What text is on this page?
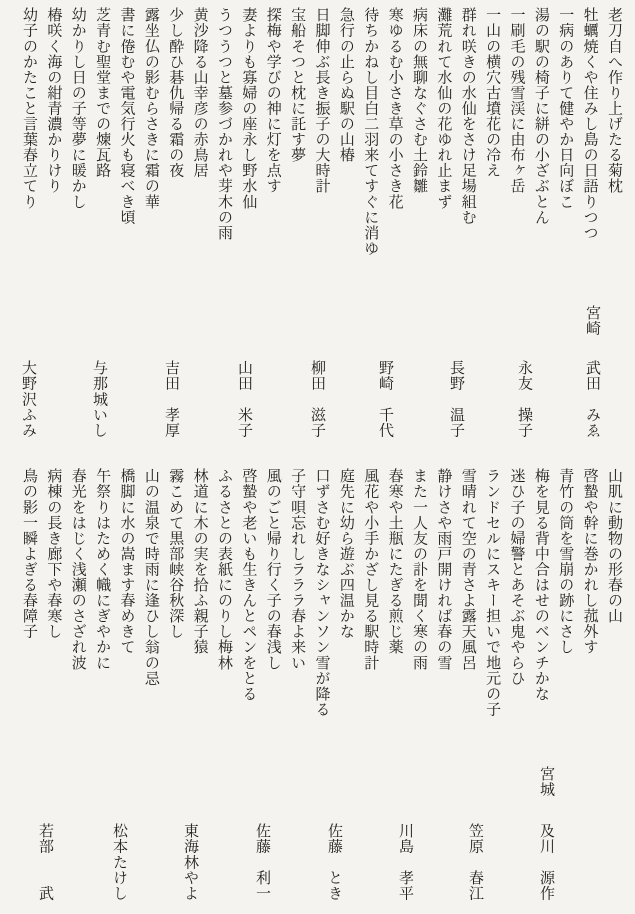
老刀自へ作り上げたる菊枕
牡蠣焼くや住みし島の日語りつつ
一病のありて健やか日向ぼこ
湯の駅の椅子に絣の小ざぶとん
一刷毛の残雪渓に由布ヶ岳
一山の横穴古墳花の冷え
群れ咲きの水仙をさけ足場組む
灘荒れて水仙の花ゆれ止まず
病床の無聊なぐさむ土鈴雛
寒ゆるむ小さき草の小さき花
待ちかねし目白二羽来てすぐに消ゆ
急行の止らぬ駅の山椿
日脚伸ぶ長き振子の大時計
宝船そつと枕に託す夢
探梅や学びの神に灯を点す
妻よりも寡婦の座永し野水仙
うつうつと墓参づかれや芽木の雨
黄沙降る山幸彦の赤鳥居
少し酔ひ碁仇帰る霜の夜
露坐仏の影むらさきに霜の華
書に倦むや電気行火も寝べき頃
芝青む聖堂までの煉瓦路
幼かりし日の子等夢に暖かし
椿咲く海の紺青濃かりけり
幼子のかたこと言葉春立てり
宮崎
武田　みゑ
永友　操子
長野　温子
野崎　千代
柳田　滋子
山田　米子
吉田　孝厚
与那城いし
大野沢ふみ
山肌に動物の形春の山
啓蟄や幹に巻かれし菰外す
青竹の筒を雪崩の跡にさし
梅を見る背中合はせのベンチかな
迷ひ子の婦警とあそぶ鬼やらひ
ランドセルにスキー担いで地元の子
雪晴れて空の青さよ露天風呂
静けさや雨戸開ければ春の雪
また一人友の訃を聞く寒の雨
春寒や土瓶にたぎる煎じ薬
風花や小手かざし見る駅時計
庭先に幼ら遊ぶ四温かな
口ずさむ好きなシャンソン雪が降る
子守唄忘れしラララ春よ来い
風のごと帰り行く子の春浅し
啓蟄や老いも生きんとペンをとる
ふるさとの表紙にのりし梅林
林道に木の実を拾ふ親子猿
霧こめて黒部峡谷秋深し
山の温泉で時雨に逢ひし翁の忌
橋脚に水の嵩ます春めきて
午祭りはためく幟にぎやかに
春光をはじく浅瀬のさざれ波
病棟の長き廊下や春寒し
鳥の影一瞬よぎる春障子
宮城
及川　源作
笠原　春江
川島　孝平
佐藤　とき
佐藤　利一
東海林やよ
松本たけし
若部　　武
